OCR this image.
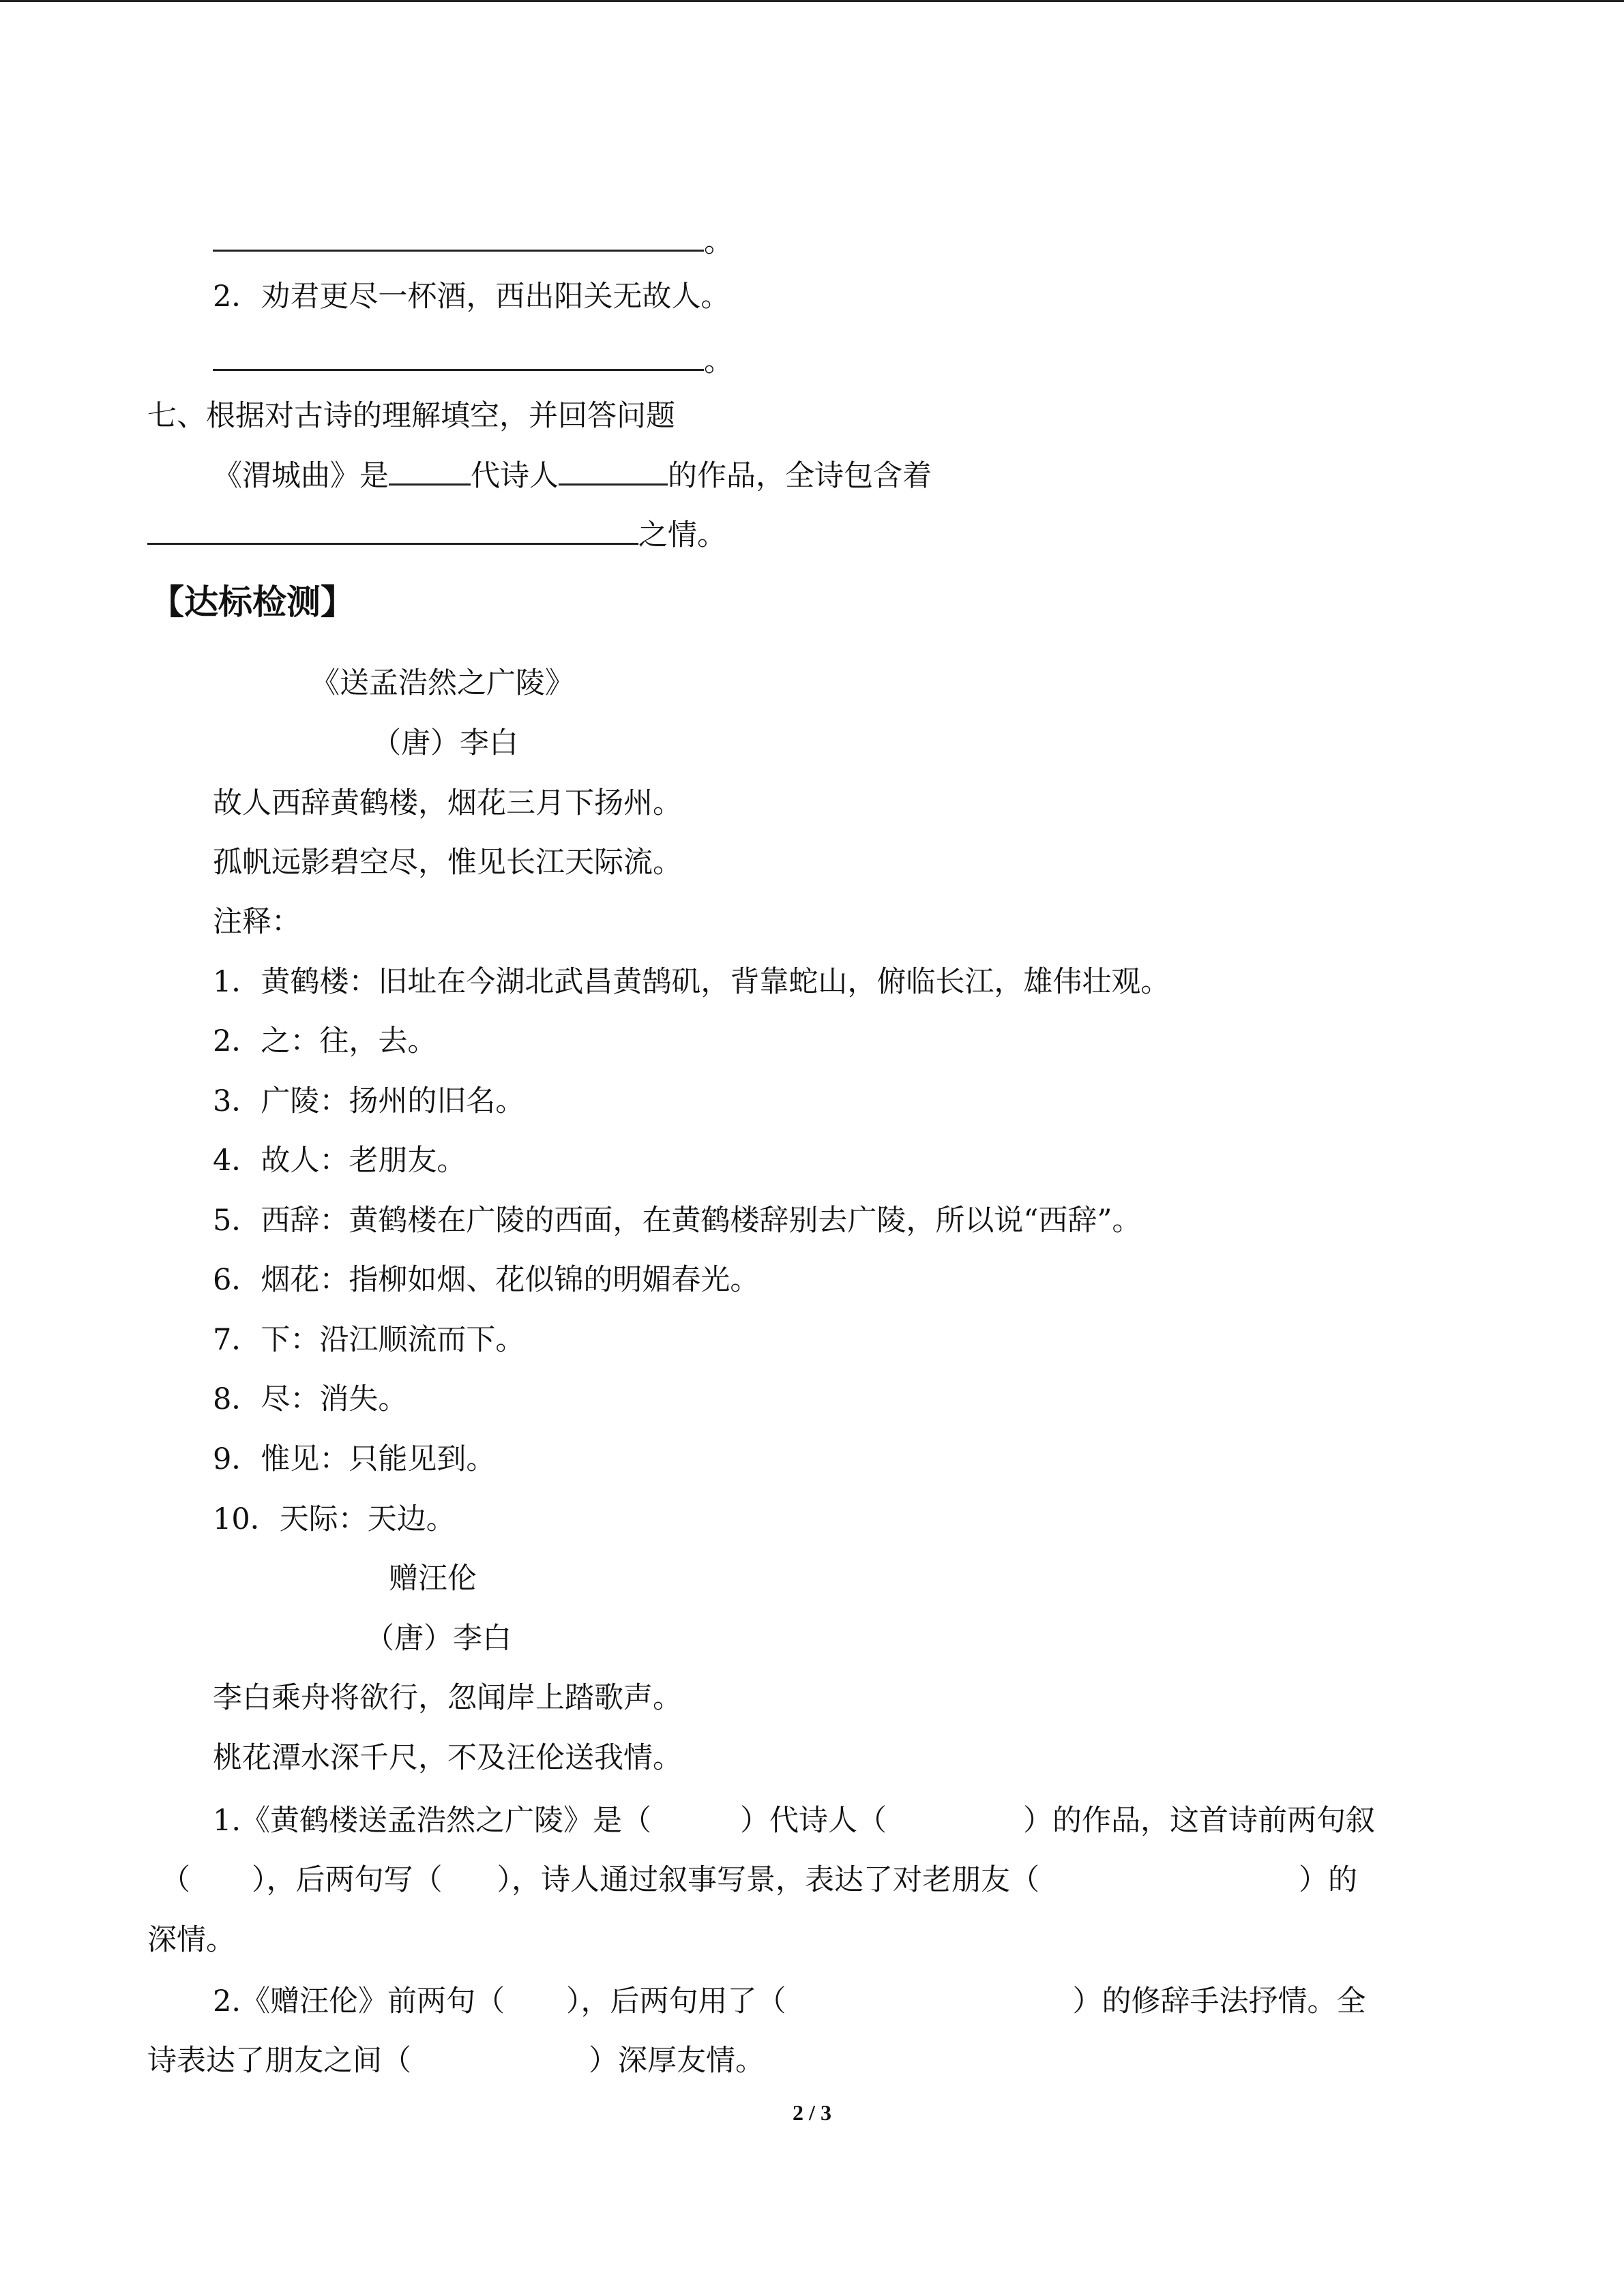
。
2．劝君更尽一杯酒，西出阳关无故人。
。
七、根据对古诗的理解填空，并回答问题
《渭城曲》是	代诗人	的作品，全诗包含着
之情。
【达标检测】
《送孟浩然之广陵》
（唐）李白
故人西辞黄鹤楼，烟花三月下扬州。
孤帆远影碧空尽，惟见长江天际流。
注释：
1．黄鹤楼：旧址在今湖北武昌黄鹄矶，背靠蛇山，俯临长江，雄伟壮观。
2．之：往，去。
3．广陵：扬州的旧名。
4．故人：老朋友。
5．西辞：黄鹤楼在广陵的西面，在黄鹤楼辞别去广陵，所以说“西辞”。
6．烟花：指柳如烟、花似锦的明媚春光。
7．下：沿江顺流而下。
8．尽：消失。
9．惟见：只能见到。
10．天际：天边。
赠汪伦
（唐）李白
李白乘舟将欲行，忽闻岸上踏歌声。
桃花潭水深千尺，不及汪伦送我情。
1.《黄鹤楼送孟浩然之广陵》是（	）代诗人（	）的作品，这首诗前两句叙
（ ），后两句写（ ），诗人通过叙事写景，表达了对老朋友（	）的
深情。
2.《赠汪伦》前两句（ ），后两句用了（	）的修辞手法抒情。全
诗表达了朋友之间（	）深厚友情。
2 / 3
